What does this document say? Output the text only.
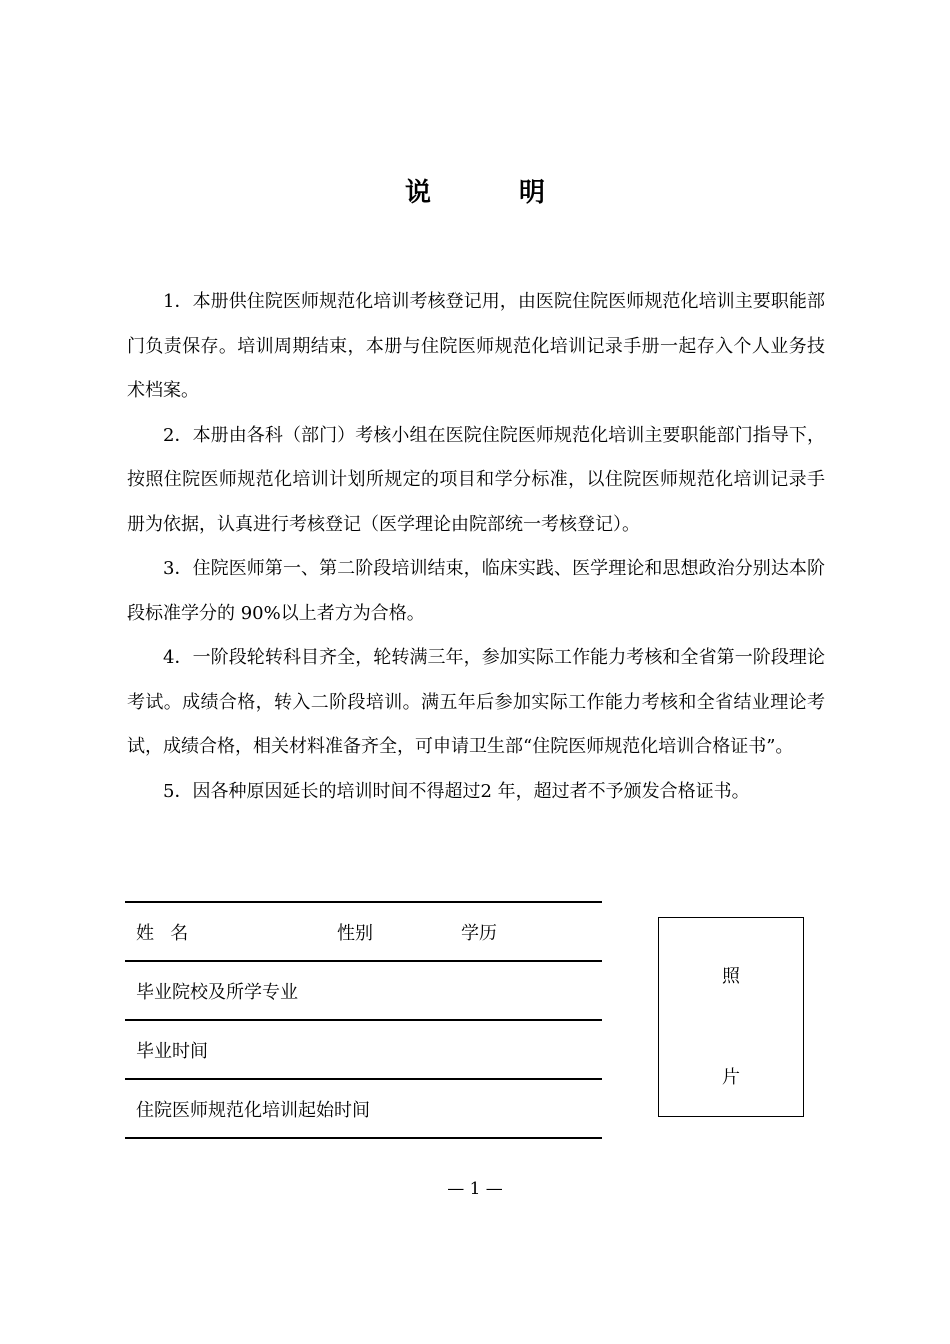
说	明

1．本册供住院医师规范化培训考核登记用，由医院住院医师规范化培训主要职能部门负责保存。培训周期结束，本册与住院医师规范化培训记录手册一起存入个人业务技术档案。

2．本册由各科（部门）考核小组在医院住院医师规范化培训主要职能部门指导下，按照住院医师规范化培训计划所规定的项目和学分标准，以住院医师规范化培训记录手册为依据，认真进行考核登记（医学理论由院部统一考核登记）。

3．住院医师第一、第二阶段培训结束，临床实践、医学理论和思想政治分别达本阶段标准学分的 90%以上者方为合格。

4．一阶段轮转科目齐全，轮转满三年，参加实际工作能力考核和全省第一阶段理论考试。成绩合格，转入二阶段培训。满五年后参加实际工作能力考核和全省结业理论考试，成绩合格，相关材料准备齐全，可申请卫生部“住院医师规范化培训合格证书”。

5．因各种原因延长的培训时间不得超过2 年，超过者不予颁发合格证书。

姓名	性别	学历
毕业院校及所学专业
毕业时间
住院医师规范化培训起始时间
照
片
— 1 —
